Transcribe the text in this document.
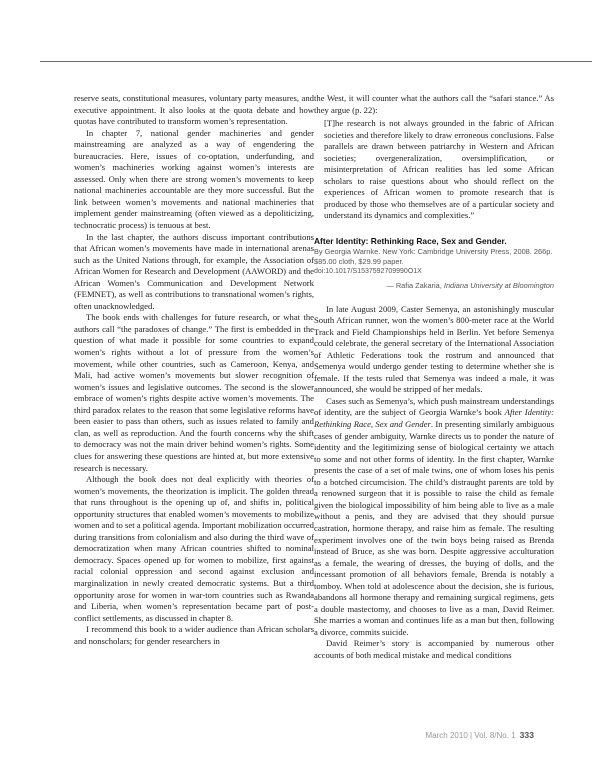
reserve seats, constitutional measures, voluntary party measures, and executive appointment. It also looks at the quota debate and how quotas have contributed to transform women’s representation.

In chapter 7, national gender machineries and gender mainstreaming are analyzed as a way of engendering the bureaucracies. Here, issues of co-optation, underfunding, and women’s machineries working against women’s interests are assessed. Only when there are strong women’s movements to keep national machineries accountable are they more successful. But the link between women’s movements and national machineries that implement gender mainstreaming (often viewed as a depoliticizing, technocratic process) is tenuous at best.

In the last chapter, the authors discuss important contributions that African women’s movements have made in international arenas such as the United Nations through, for example, the Association of African Women for Research and Development (AAWORD) and the African Women’s Communication and Development Network (FEMNET), as well as contributions to transnational women’s rights, often unacknowledged.

The book ends with challenges for future research, or what the authors call “the paradoxes of change.” The first is embedded in the question of what made it possible for some countries to expand women’s rights without a lot of pressure from the women’s movement, while other countries, such as Cameroon, Kenya, and Mali, had active women’s movements but slower recognition of women’s issues and legislative outcomes. The second is the slower embrace of women’s rights despite active women’s movements. The third paradox relates to the reason that some legislative reforms have been easier to pass than others, such as issues related to family and clan, as well as reproduction. And the fourth concerns why the shift to democracy was not the main driver behind women’s rights. Some clues for answering these questions are hinted at, but more extensive research is necessary.

Although the book does not deal explicitly with theories of women’s movements, the theorization is implicit. The golden thread that runs throughout is the opening up of, and shifts in, political opportunity structures that enabled women’s movements to mobilize women and to set a political agenda. Important mobilization occurred during transitions from colonialism and also during the third wave of democratization when many African countries shifted to nominal democracy. Spaces opened up for women to mobilize, first against racial colonial oppression and second against exclusion and marginalization in newly created democratic systems. But a third opportunity arose for women in war-torn countries such as Rwanda and Liberia, when women’s representation became part of post-conflict settlements, as discussed in chapter 8.

I recommend this book to a wider audience than African scholars and nonscholars; for gender researchers in

the West, it will counter what the authors call the “safari stance.” As they argue (p. 22):

[T]he research is not always grounded in the fabric of African societies and therefore likely to draw erroneous conclusions. False parallels are drawn between patriarchy in Western and African societies; overgeneralization, oversimplification, or misinterpretation of African realities has led some African scholars to raise questions about who should reflect on the experiences of African women to promote research that is produced by those who themselves are of a particular society and understand its dynamics and complexities.”

After Identity: Rethinking Race, Sex and Gender.
By Georgia Warnke. New York: Cambridge University Press, 2008. 266p.
$85.00 cloth, $29.99 paper.
doi:10.1017/S1537592709990O1X
— Rafia Zakaria, Indiana University at Bloomington

In late August 2009, Caster Semenya, an astonishingly muscular South African runner, won the women’s 800-meter race at the World Track and Field Championships held in Berlin. Yet before Semenya could celebrate, the general secretary of the International Association of Athletic Federations took the rostrum and announced that Semenya would undergo gender testing to determine whether she is female. If the tests ruled that Semenya was indeed a male, it was announced, she would be stripped of her medals.

Cases such as Semenya’s, which push mainstream understandings of identity, are the subject of Georgia Warnke’s book After Identity: Rethinking Race, Sex and Gender. In presenting similarly ambiguous cases of gender ambiguity, Warnke directs us to ponder the nature of identity and the legitimizing sense of biological certainty we attach to some and not other forms of identity. In the first chapter, Warnke presents the case of a set of male twins, one of whom loses his penis to a botched circumcision. The child’s distraught parents are told by a renowned surgeon that it is possible to raise the child as female given the biological impossibility of him being able to live as a male without a penis, and they are advised that they should pursue castration, hormone therapy, and raise him as female. The resulting experiment involves one of the twin boys being raised as Brenda instead of Bruce, as she was born. Despite aggressive acculturation as a female, the wearing of dresses, the buying of dolls, and the incessant promotion of all behaviors female, Brenda is notably a tomboy. When told at adolescence about the decision, she is furious, abandons all hormone therapy and remaining surgical regimens, gets a double mastectomy, and chooses to live as a man, David Reimer. She marries a woman and continues life as a man but then, following a divorce, commits suicide.

David Reimer’s story is accompanied by numerous other accounts of both medical mistake and medical conditions

March 2010 | Vol. 8/No. 1 333
